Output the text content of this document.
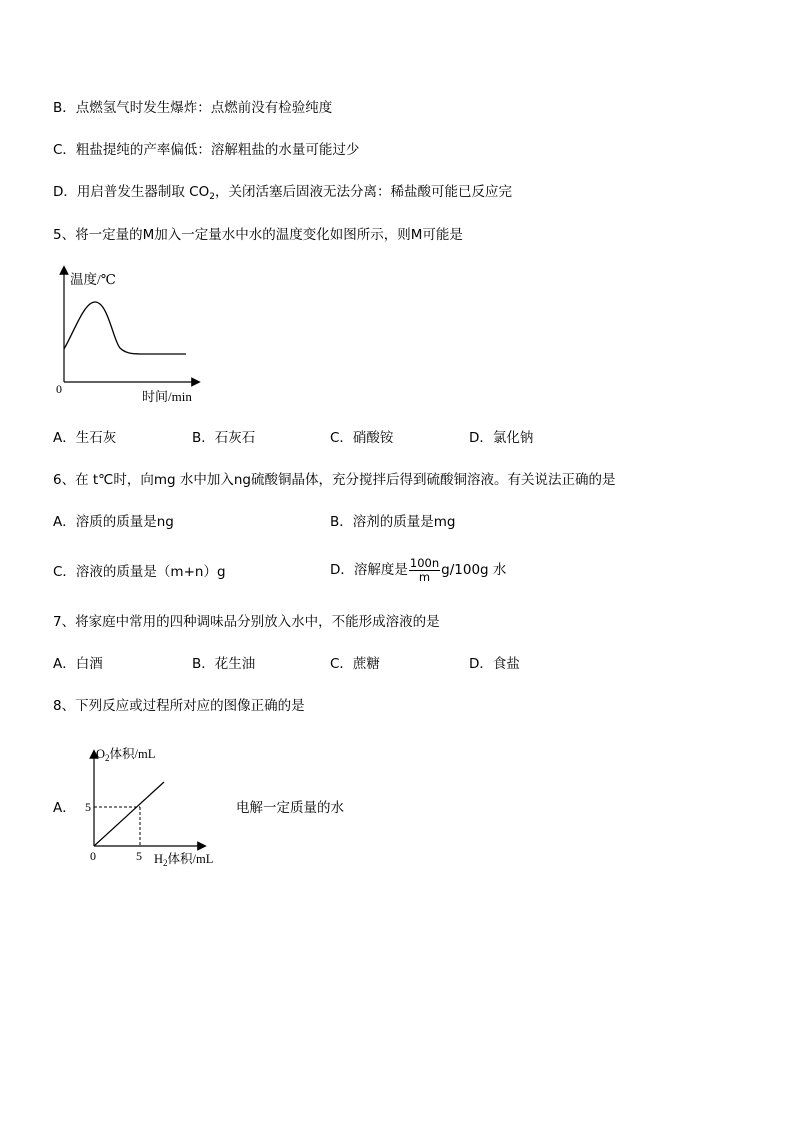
B．点燃氢气时发生爆炸：点燃前没有检验纯度
C．粗盐提纯的产率偏低：溶解粗盐的水量可能过少
D．用启普发生器制取 $CO_2$，关闭活塞后固液无法分离：稀盐酸可能已反应完
5、将一定量的M加入一定量水中水的温度变化如图所示，则M可能是
温度/℃
0	时间/min
A．生石灰	B．石灰石	C．硝酸铵	D．氯化钠
6、在 t℃时，向mg 水中加入ng硫酸铜晶体，充分搅拌后得到硫酸铜溶液。有关说法正确的是
A．溶质的质量是ng	B．溶剂的质量是mg
C．溶液的质量是（m+n）g	D．溶解度是 $\frac{100n}{m} g/100g$ 水
7、将家庭中常用的四种调味品分别放入水中，不能形成溶液的是
A．白酒	B．花生油	C．蔗糖	D．食盐
8、下列反应或过程所对应的图像正确的是
A．
$O_2$体积/mL
5
0	5 $H_2$体积/mL
电解一定质量的水
